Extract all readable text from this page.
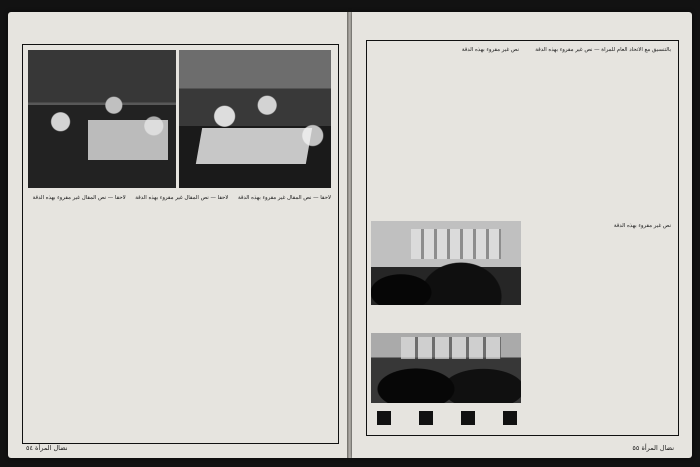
لاحقاً — نص المقال غير مقروء بهذه الدقة
لاحقاً — نص المقال غير مقروء بهذه الدقة
لاحقاً — نص المقال غير مقروء بهذه الدقة
نضال المرأة ٥٤
بالتنسيق مع الاتحاد العام للمرأة — نص غير مقروء بهذه الدقة
نص غير مقروء بهذه الدقة
نص غير مقروء بهذه الدقة
نضال المرأة ٥٥
